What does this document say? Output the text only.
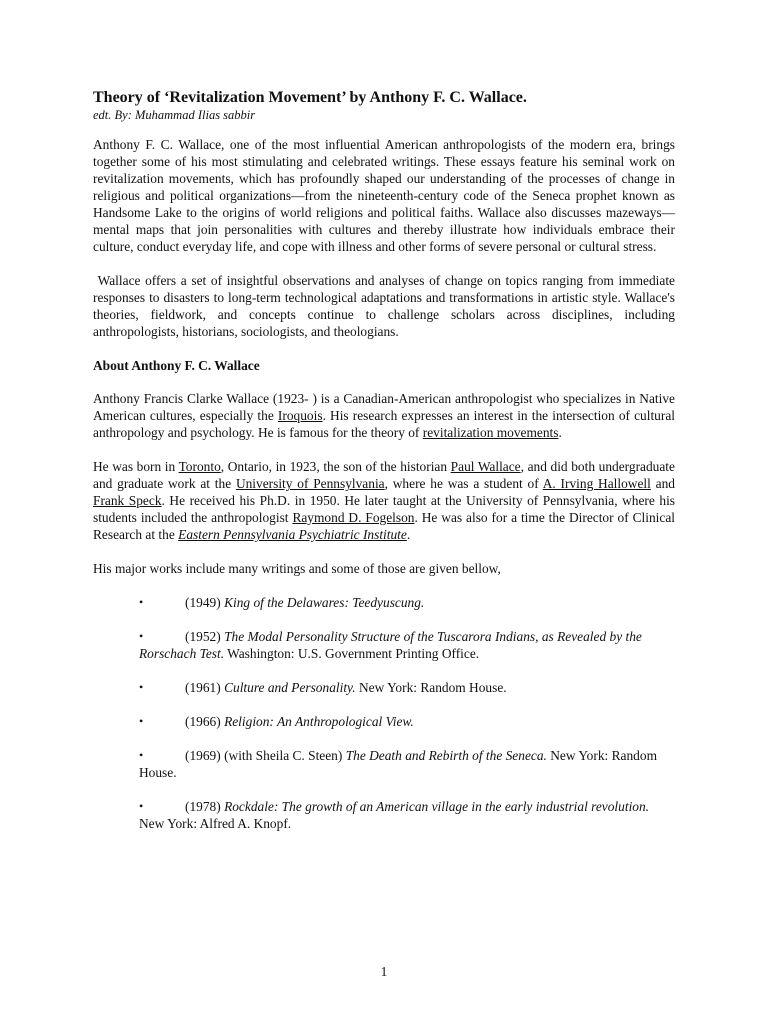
Theory of ‘Revitalization Movement’ by Anthony F. C. Wallace.
edt. By: Muhammad Ilias sabbir

Anthony F. C. Wallace, one of the most influential American anthropologists of the modern era, brings together some of his most stimulating and celebrated writings. These essays feature his seminal work on revitalization movements, which has profoundly shaped our understanding of the processes of change in religious and political organizations—from the nineteenth-century code of the Seneca prophet known as Handsome Lake to the origins of world religions and political faiths. Wallace also discusses mazeways—mental maps that join personalities with cultures and thereby illustrate how individuals embrace their culture, conduct everyday life, and cope with illness and other forms of severe personal or cultural stress.

Wallace offers a set of insightful observations and analyses of change on topics ranging from immediate responses to disasters to long-term technological adaptations and transformations in artistic style. Wallace's theories, fieldwork, and concepts continue to challenge scholars across disciplines, including anthropologists, historians, sociologists, and theologians.

About Anthony F. C. Wallace

Anthony Francis Clarke Wallace (1923- ) is a Canadian-American anthropologist who specializes in Native American cultures, especially the Iroquois. His research expresses an interest in the intersection of cultural anthropology and psychology. He is famous for the theory of revitalization movements.

He was born in Toronto, Ontario, in 1923, the son of the historian Paul Wallace, and did both undergraduate and graduate work at the University of Pennsylvania, where he was a student of A. Irving Hallowell and Frank Speck. He received his Ph.D. in 1950. He later taught at the University of Pennsylvania, where his students included the anthropologist Raymond D. Fogelson. He was also for a time the Director of Clinical Research at the Eastern Pennsylvania Psychiatric Institute.

His major works include many writings and some of those are given bellow,

•	(1949) King of the Delawares: Teedyuscung.
•	(1952) The Modal Personality Structure of the Tuscarora Indians, as Revealed by the Rorschach Test. Washington: U.S. Government Printing Office.
•	(1961) Culture and Personality. New York: Random House.
•	(1966) Religion: An Anthropological View.
•	(1969) (with Sheila C. Steen) The Death and Rebirth of the Seneca. New York: Random House.
•	(1978) Rockdale: The growth of an American village in the early industrial revolution. New York: Alfred A. Knopf.
1
